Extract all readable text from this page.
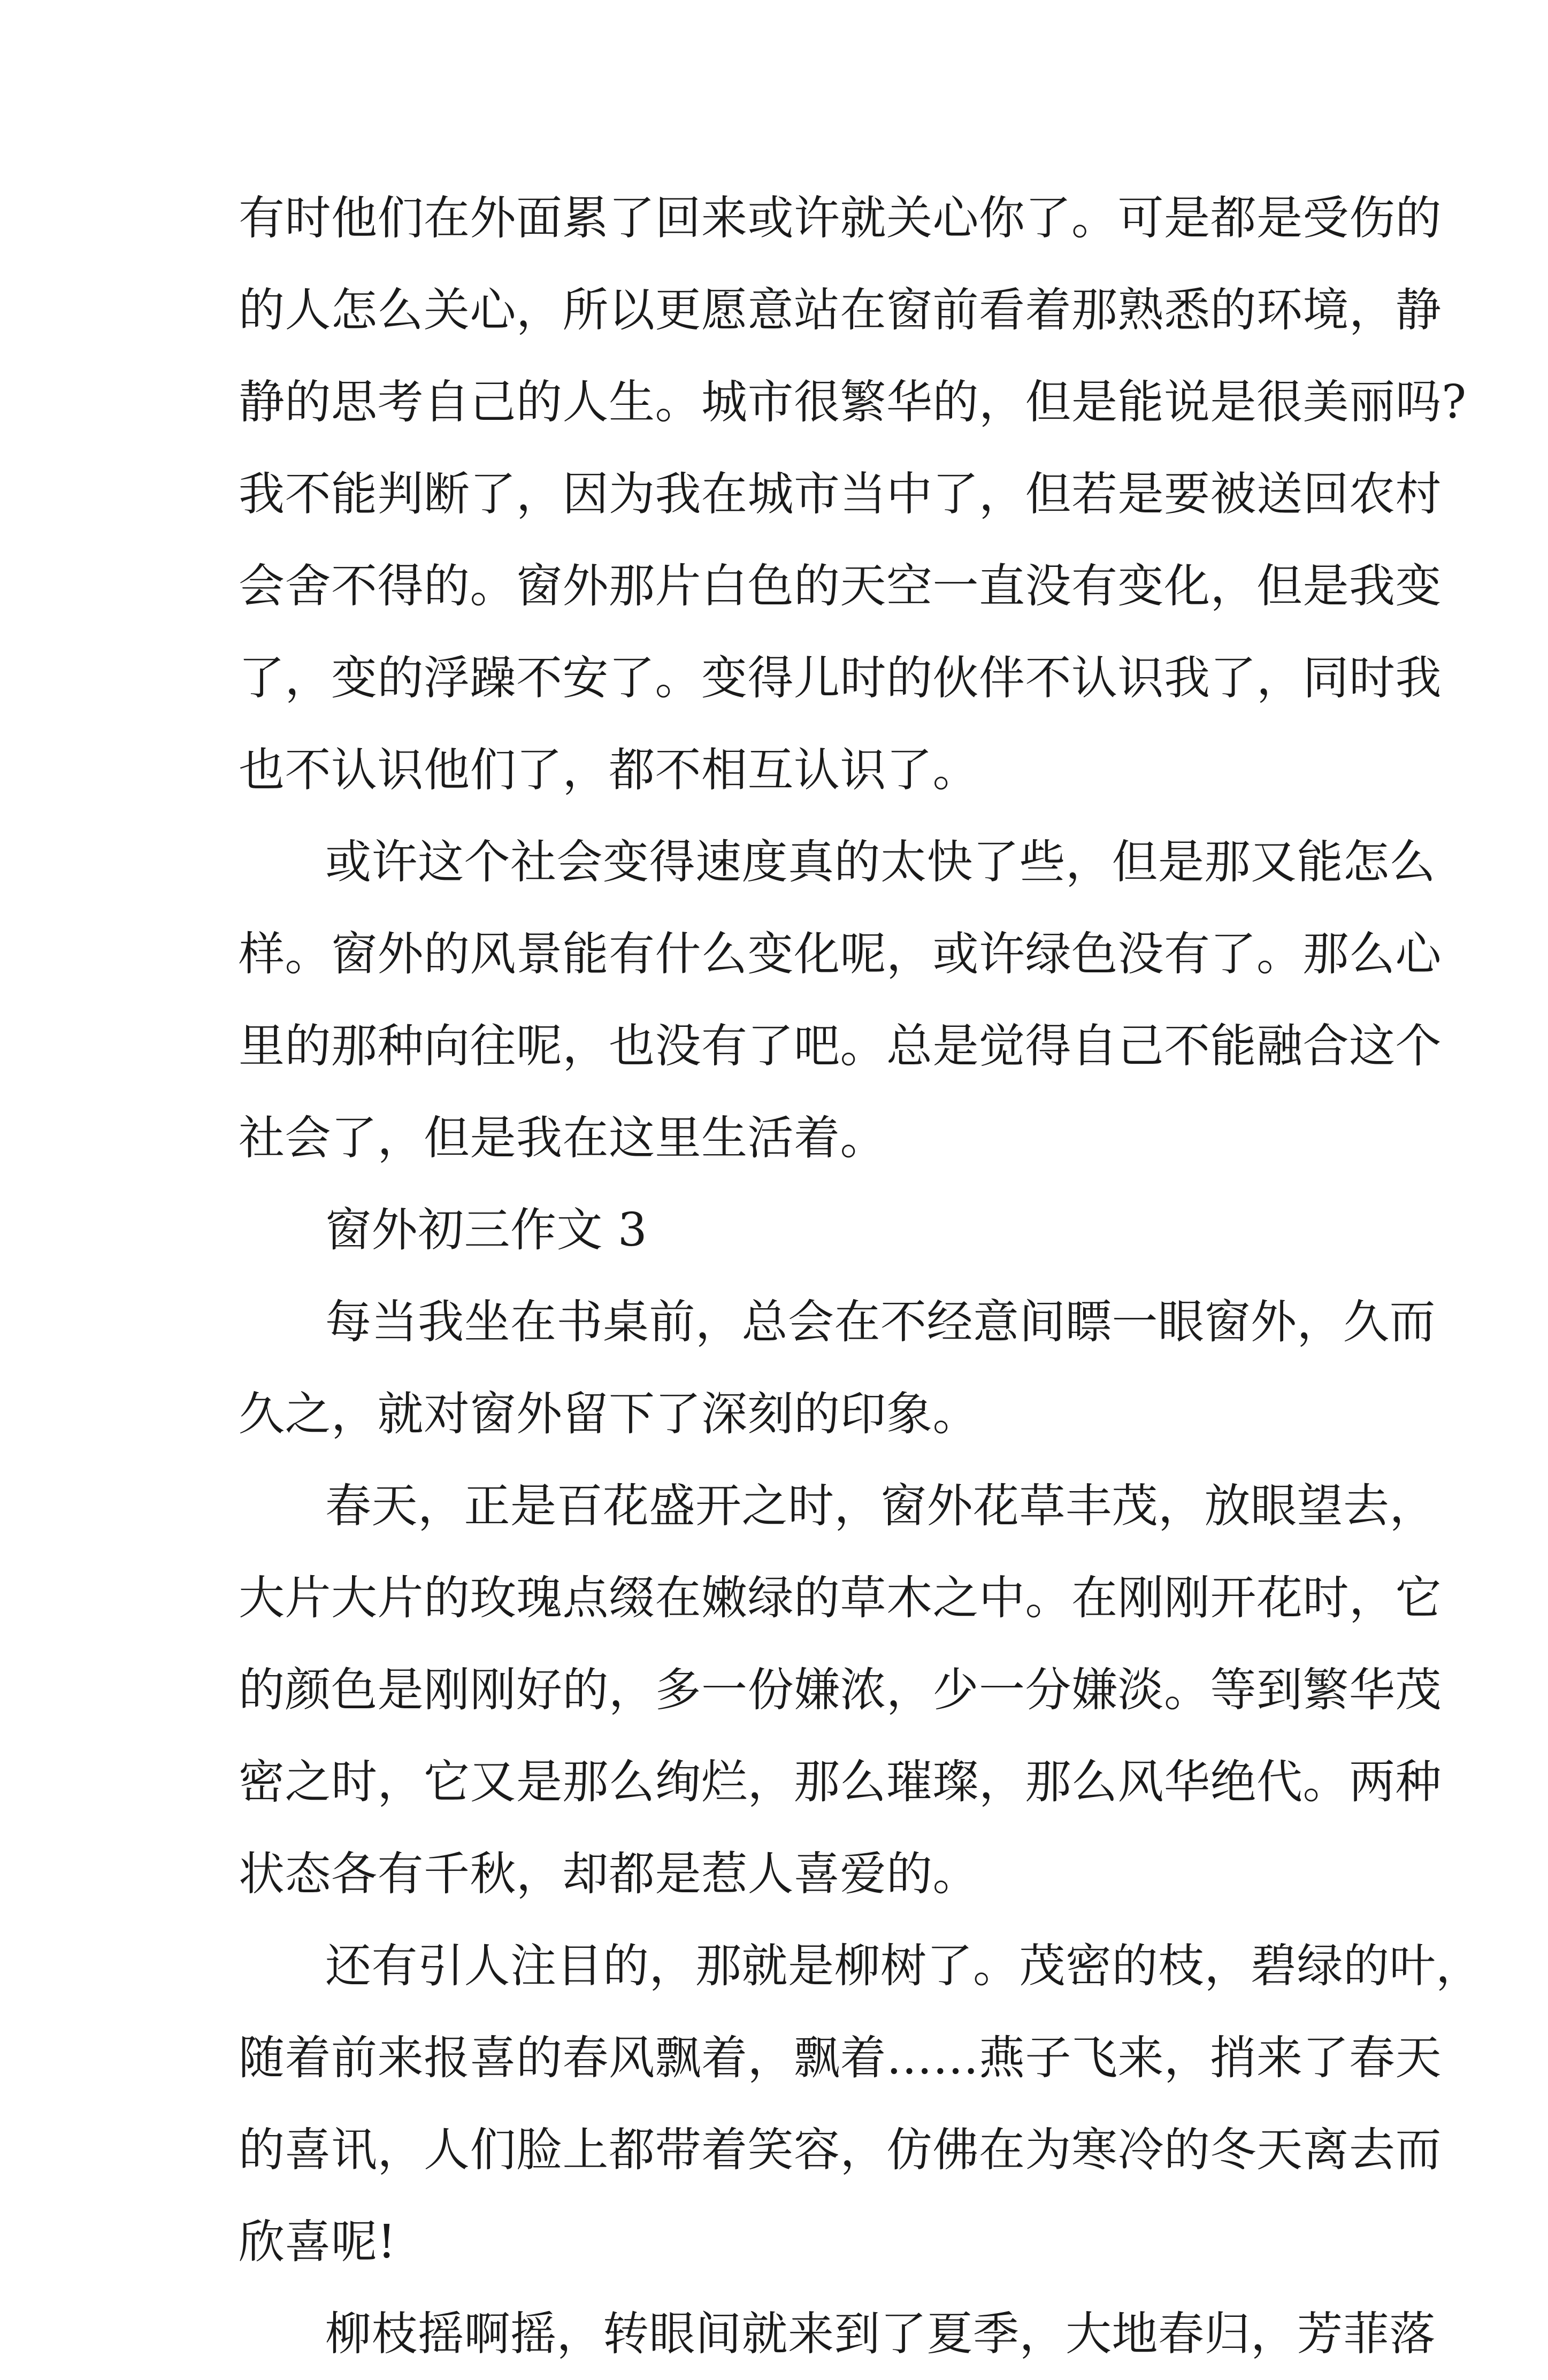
有时他们在外面累了回来或许就关心你了。可是都是受伤的
的人怎么关心，所以更愿意站在窗前看着那熟悉的环境，静
静的思考自己的人生。城市很繁华的，但是能说是很美丽吗?
我不能判断了，因为我在城市当中了，但若是要被送回农村
会舍不得的。窗外那片白色的天空一直没有变化，但是我变
了，变的浮躁不安了。变得儿时的伙伴不认识我了，同时我
也不认识他们了，都不相互认识了。
或许这个社会变得速度真的太快了些，但是那又能怎么
样。窗外的风景能有什么变化呢，或许绿色没有了。那么心
里的那种向往呢，也没有了吧。总是觉得自己不能融合这个
社会了，但是我在这里生活着。
窗外初三作文 3
每当我坐在书桌前，总会在不经意间瞟一眼窗外，久而
久之，就对窗外留下了深刻的印象。
春天，正是百花盛开之时，窗外花草丰茂，放眼望去，
大片大片的玫瑰点缀在嫩绿的草木之中。在刚刚开花时，它
的颜色是刚刚好的，多一份嫌浓，少一分嫌淡。等到繁华茂
密之时，它又是那么绚烂，那么璀璨，那么风华绝代。两种
状态各有千秋，却都是惹人喜爱的。
还有引人注目的，那就是柳树了。茂密的枝，碧绿的叶，
随着前来报喜的春风飘着，飘着……燕子飞来，捎来了春天
的喜讯，人们脸上都带着笑容，仿佛在为寒冷的冬天离去而
欣喜呢!
柳枝摇啊摇，转眼间就来到了夏季，大地春归，芳菲落
